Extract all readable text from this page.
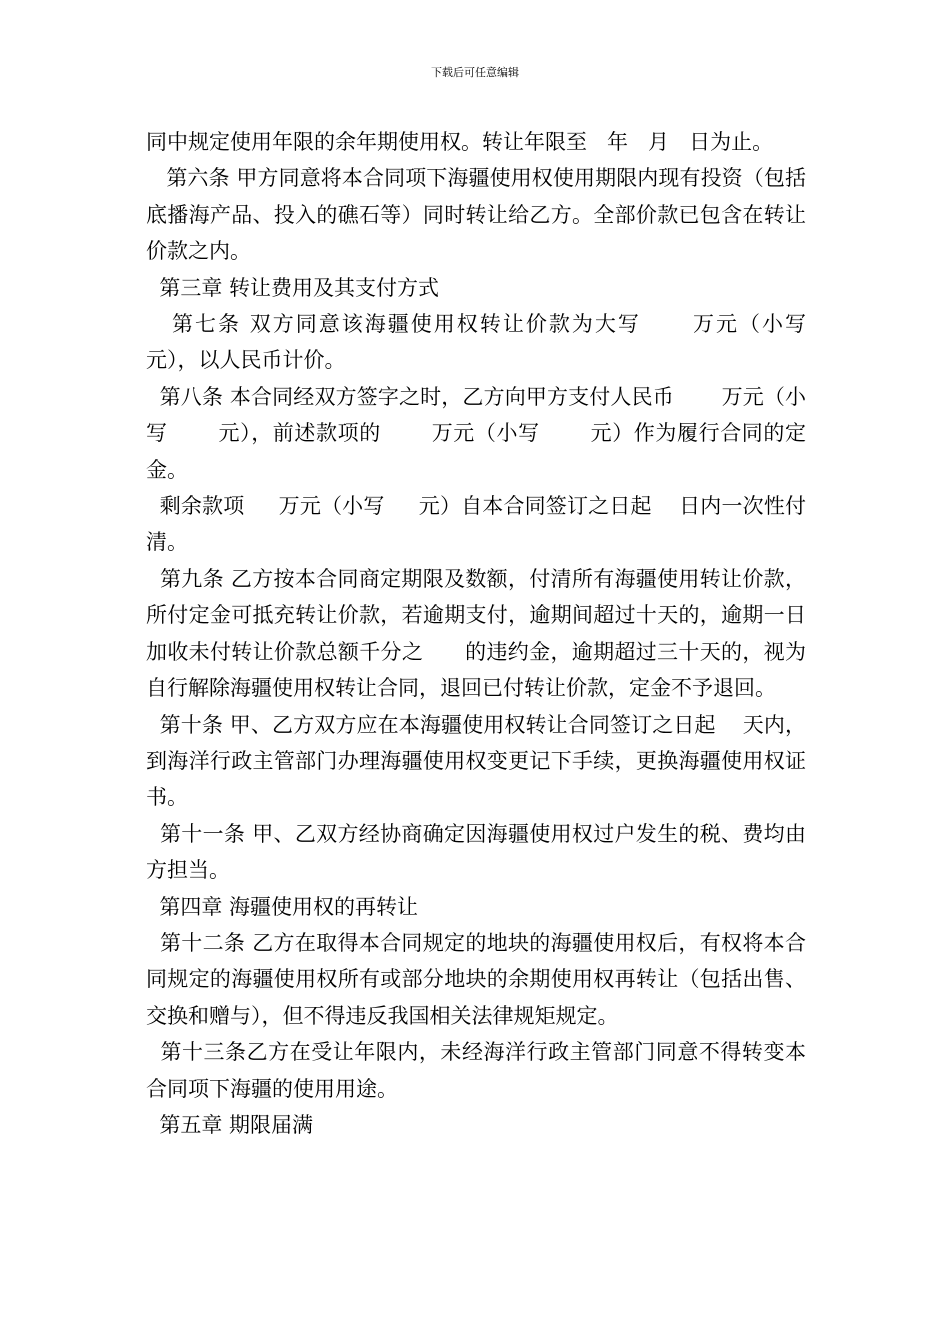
下载后可任意编辑

同中规定使用年限的余年期使用权。转让年限至   年   月   日为止。

第六条 甲方同意将本合同项下海疆使用权使用期限内现有投资（包括底播海产品、投入的礁石等）同时转让给乙方。全部价款已包含在转让价款之内。

第三章 转让费用及其支付方式

第七条 双方同意该海疆使用权转让价款为大写      万元（小写      元），以人民币计价。

第八条 本合同经双方签字之时，乙方向甲方支付人民币       万元（小写       元），前述款项的       万元（小写       元）作为履行合同的定金。

剩余款项     万元（小写     元）自本合同签订之日起    日内一次性付清。

第九条 乙方按本合同商定期限及数额，付清所有海疆使用转让价款，所付定金可抵充转让价款，若逾期支付，逾期间超过十天的，逾期一日加收未付转让价款总额千分之      的违约金，逾期超过三十天的，视为自行解除海疆使用权转让合同，退回已付转让价款，定金不予退回。

第十条 甲、乙方双方应在本海疆使用权转让合同签订之日起    天内，到海洋行政主管部门办理海疆使用权变更记下手续，更换海疆使用权证书。

第十一条 甲、乙双方经协商确定因海疆使用权过户发生的税、费均由     方担当。

第四章 海疆使用权的再转让

第十二条 乙方在取得本合同规定的地块的海疆使用权后，有权将本合同规定的海疆使用权所有或部分地块的余期使用权再转让（包括出售、交换和赠与），但不得违反我国相关法律规矩规定。

第十三条乙方在受让年限内，未经海洋行政主管部门同意不得转变本合同项下海疆的使用用途。

第五章 期限届满
